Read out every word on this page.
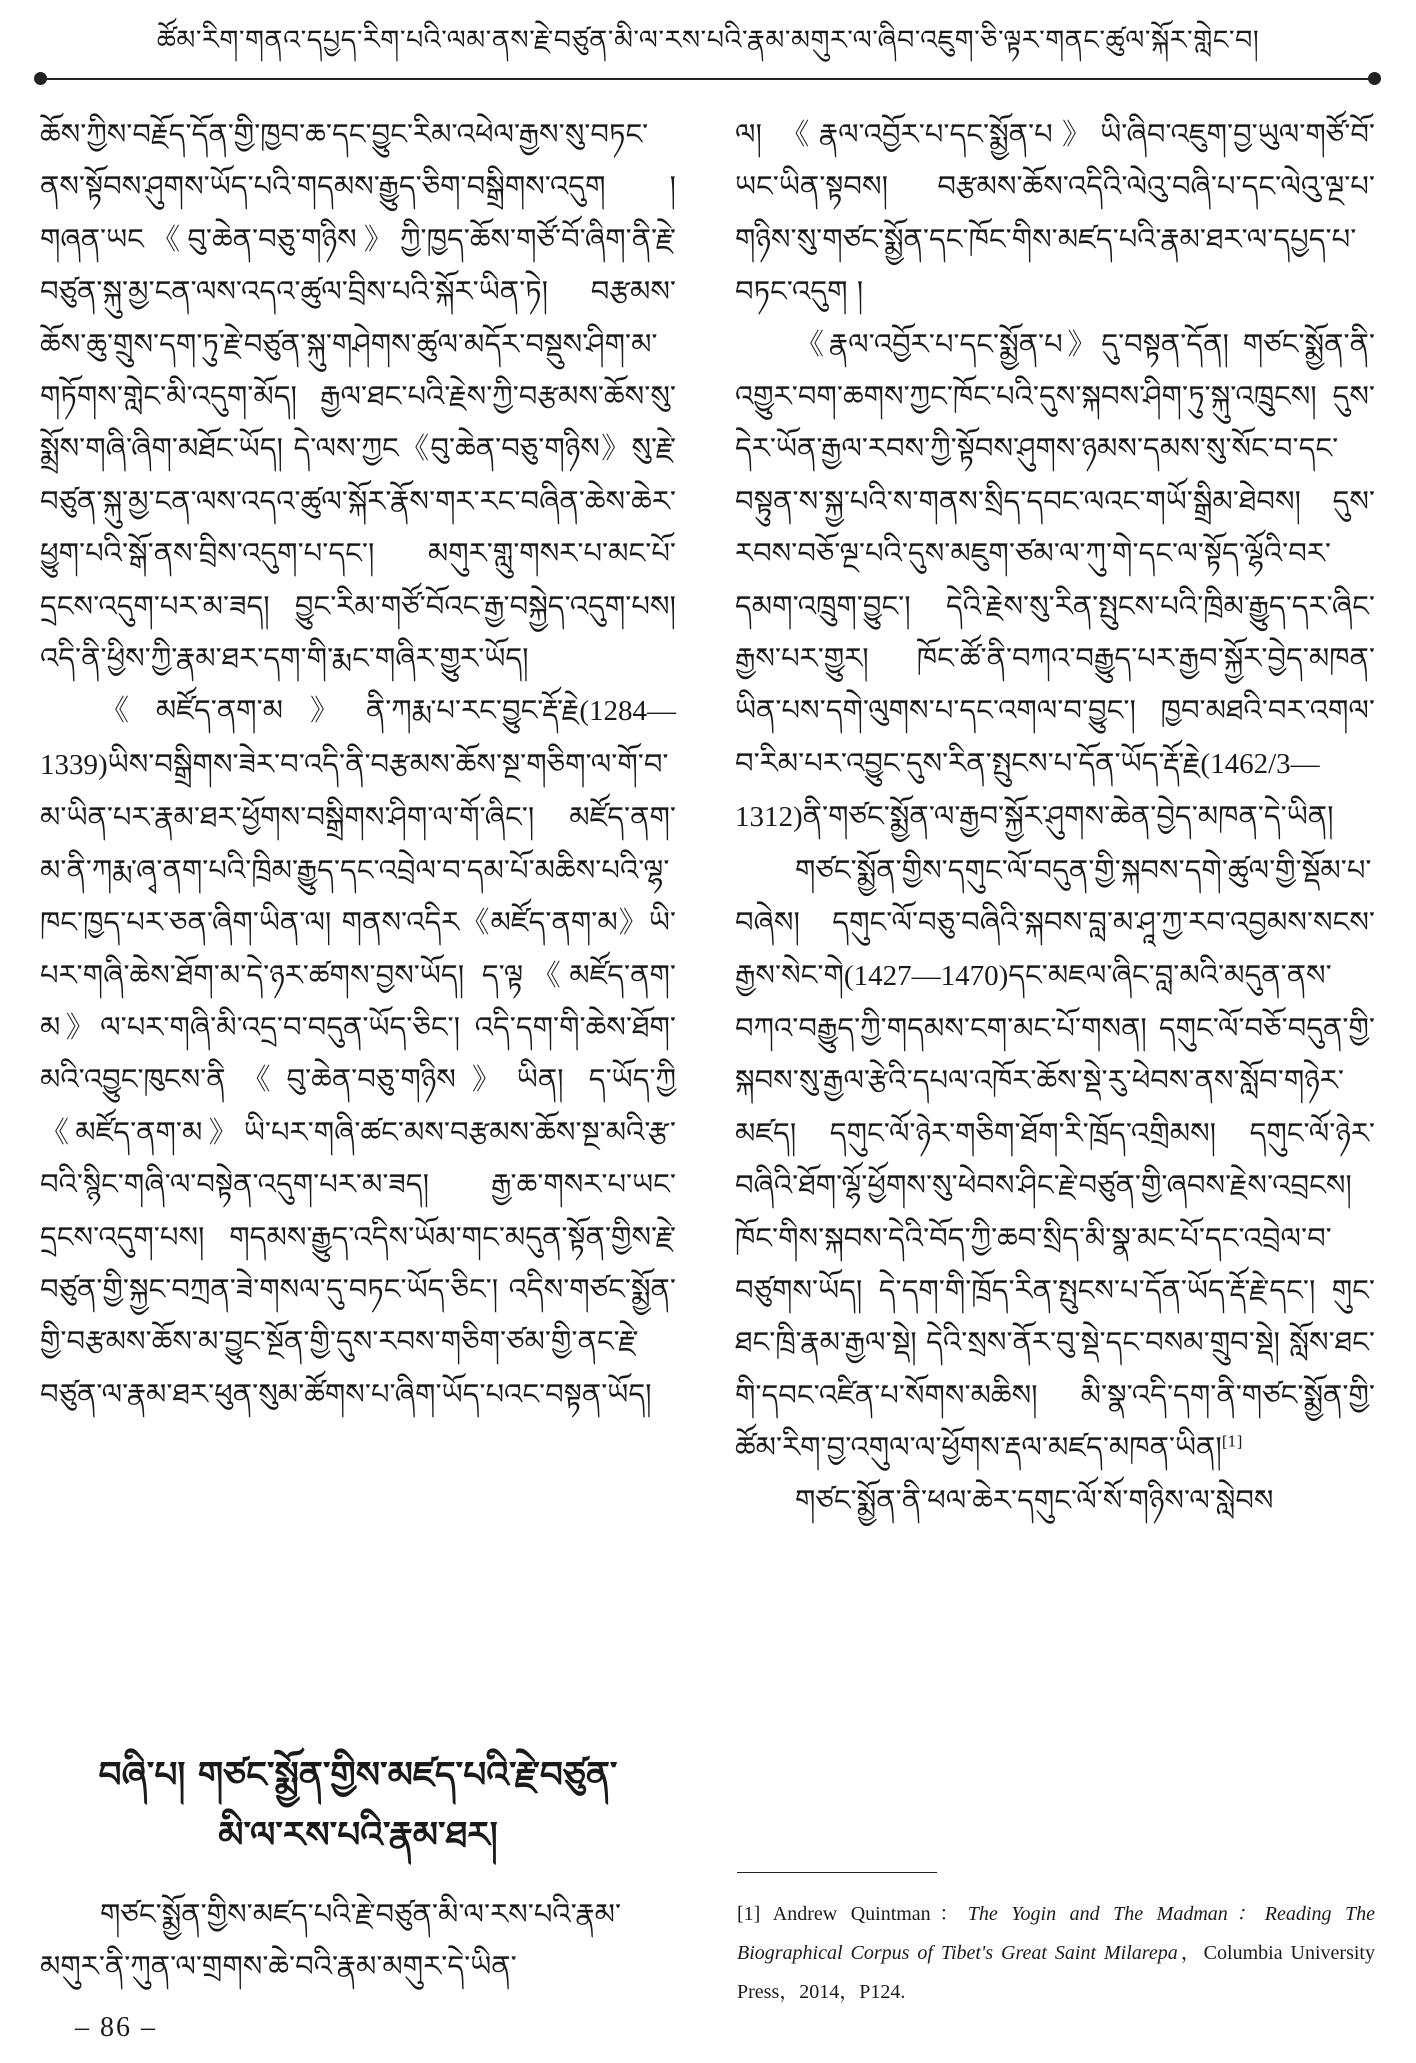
ཚོམ་རིག་གནའ་དཔྱད་རིག་པའི་ལམ་ནས་རྗེ་བཙུན་མི་ལ་རས་པའི་རྣམ་མགུར་ལ་ཞིབ་འཇུག་ཅི་ལྟར་གནང་ཚུལ་སྐོར་གླེང་བ།

ཆོས་ཀྱིས་བརྗོད་དོན་གྱི་ཁྱབ་ཆ་དང་བྱུང་རིམ་འཕེལ་རྒྱས་སུ་བཏང་ནས་སྟོབས་ཤུགས་ཡོད་པའི་གདམས་རྒྱུད་ཅིག་བསྒྲིགས་འདུག །གཞན་ཡང《བུ་ཆེན་བཅུ་གཉིས》ཀྱི་ཁྱད་ཆོས་གཙོ་བོ་ཞིག་ནི་རྗེ་བཙུན་སྐུ་མྱ་ངན་ལས་འདའ་ཚུལ་བྲིས་པའི་སྐོར་ཡིན་ཏེ། བརྩམས་ཆོས་ཆུ་གྲུས་དག་ཏུ་རྗེ་བཙུན་སྐུ་གཤེགས་ཚུལ་མདོར་བསྡུས་ཤིག་མ་གཏོགས་གླེང་མི་འདུག་མོད། རྒྱལ་ཐང་པའི་རྗེས་ཀྱི་བརྩམས་ཆོས་སུ་སྨྲོས་གཞི་ཞིག་མཐོང་ཡོད། དེ་ལས་ཀྱང《བུ་ཆེན་བཅུ་གཉིས》སུ་རྗེ་བཙུན་སྐུ་མྱ་ངན་ལས་འདའ་ཚུལ་སྐོར་རྣོས་གར་རང་བཞིན་ཆེས་ཆེར་ཕྱུག་པའི་སྒོ་ནས་བྲིས་འདུག་པ་དང་། མགུར་གླུ་གསར་པ་མང་པོ་དྲངས་འདུག་པར་མ་ཟད། བྱུང་རིམ་གཙོ་བོའང་རྒྱ་བསྐྱེད་འདུག་པས། འདི་ནི་ཕྱིས་ཀྱི་རྣམ་ཐར་དག་གི་རྨང་གཞིར་གྱུར་ཡོད།

《མཛོད་ནག་མ》ནི་ཀརྨ་པ་རང་བྱུང་རྡོ་རྗེ(1284—1339)ཡིས་བསྒྲིགས་ཟེར་བ་འདི་ནི་བརྩམས་ཆོས་སྔ་གཅིག་ལ་གོ་བ་མ་ཡིན་པར་རྣམ་ཐར་ཕྱོགས་བསྒྲིགས་ཤིག་ལ་གོ་ཞིང་། མཛོད་ནག་མ་ནི་ཀརྨ་ཞྭ་ནག་པའི་ཁྲིམ་རྒྱུད་དང་འབྲེལ་བ་དམ་པོ་མཆིས་པའི་ལྷ་ཁང་ཁྱད་པར་ཅན་ཞིག་ཡིན་ལ། གནས་འདིར《མཛོད་ནག་མ》ཡི་པར་གཞི་ཆེས་ཐོག་མ་དེ་ཉར་ཚགས་བྱས་ཡོད། ད་ལྟ《མཛོད་ནག་མ》ལ་པར་གཞི་མི་འདྲ་བ་བདུན་ཡོད་ཅིང་། འདི་དག་གི་ཆེས་ཐོག་མའི་འབྱུང་ཁུངས་ནི《བུ་ཆེན་བཅུ་གཉིས》ཡིན། ད་ཡོད་ཀྱི《མཛོད་ནག་མ》ཡི་པར་གཞི་ཚང་མས་བརྩམས་ཆོས་སྔ་མའི་རྩ་བའི་སྙིང་གཞི་ལ་བསྟེན་འདུག་པར་མ་ཟད། རྒྱ་ཆ་གསར་པ་ཡང་དྲངས་འདུག་པས། གདམས་རྒྱུད་འདིས་ཡོམ་གང་མདུན་སྟོན་གྱིས་རྗེ་བཙུན་གྱི་སྐྱང་བཀྲན་ཟེ་གསལ་དུ་བཏང་ཡོད་ཅིང་། འདིས་གཙང་སྨྱོན་གྱི་བརྩམས་ཆོས་མ་བྱུང་སྔོན་གྱི་དུས་རབས་གཅིག་ཙམ་གྱི་ནང་རྗེ་བཙུན་ལ་རྣམ་ཐར་ཕུན་སུམ་ཚོགས་པ་ཞིག་ཡོད་པའང་བསྟན་ཡོད།

བཞི་པ། གཙང་སྨྱོན་གྱིས་མཛད་པའི་རྗེ་བཙུན་
མི་ལ་རས་པའི་རྣམ་ཐར།

གཙང་སྨྱོན་གྱིས་མཛད་པའི་རྗེ་བཙུན་མི་ལ་རས་པའི་རྣམ་མགུར་ནི་ཀུན་ལ་གྲགས་ཆེ་བའི་རྣམ་མགུར་དེ་ཡིན་

ལ། 《རྣལ་འབྱོར་པ་དང་སྨྱོན་པ》ཡི་ཞིབ་འཇུག་བྱ་ཡུལ་གཙོ་བོ་ཡང་ཡིན་སྟབས། བརྩམས་ཆོས་འདིའི་ལེའུ་བཞི་པ་དང་ལེའུ་ལྔ་པ་གཉིས་སུ་གཙང་སྨྱོན་དང་ཁོང་གིས་མཛད་པའི་རྣམ་ཐར་ལ་དཔྱད་པ་བཏང་འདུག །

《རྣལ་འབྱོར་པ་དང་སྨྱོན་པ》དུ་བསྟན་དོན། གཙང་སྨྱོན་ནི་འགྱུར་བག་ཆགས་ཀྱང་ཁོང་པའི་དུས་སྐབས་ཤིག་ཏུ་སྐུ་འཁྲུངས། དུས་དེར་ཡོན་རྒྱལ་རབས་ཀྱི་སྟོབས་ཤུགས་ཉམས་དམས་སུ་སོང་བ་དང་བསྟུན་ས་སྐྱ་པའི་ས་གནས་སྲིད་དབང་ལའང་གཡོ་སྒྲིམ་ཐེབས། དུས་རབས་བཅོ་ལྔ་པའི་དུས་མཇུག་ཙམ་ལ་ཀུ་གེ་དང་ལ་སྟོད་ལྷོའི་བར་དམག་འཁྲུག་བྱུང་། དེའི་རྗེས་སུ་རིན་སྤུངས་པའི་ཁྲིམ་རྒྱུད་དར་ཞིང་རྒྱས་པར་གྱུར། ཁོང་ཚོ་ནི་བཀའ་བརྒྱུད་པར་རྒྱབ་སྐྱོར་བྱེད་མཁན་ཡིན་པས་དགེ་ལུགས་པ་དང་འགལ་བ་བྱུང་། ཁྱབ་མཐའི་བར་འགལ་བ་རིམ་པར་འབྱུང་དུས་རིན་སྤུངས་པ་དོན་ཡོད་རྡོ་རྗེ(1462/3—1312)ནི་གཙང་སྨྱོན་ལ་རྒྱབ་སྐྱོར་ཤུགས་ཆེན་བྱེད་མཁན་དེ་ཡིན།

གཙང་སྨྱོན་གྱིས་དགུང་ལོ་བདུན་གྱི་སྐབས་དགེ་ཚུལ་གྱི་སྡོམ་པ་བཞེས། དགུང་ལོ་བཅུ་བཞིའི་སྐབས་བླ་མ་ཤཱ་ཀྱ་རབ་འབྱམས་སངས་རྒྱས་སེང་གེ(1427—1470)དང་མཇལ་ཞིང་བླ་མའི་མདུན་ནས་བཀའ་བརྒྱུད་ཀྱི་གདམས་ངག་མང་པོ་གསན། དགུང་ལོ་བཅོ་བདུན་གྱི་སྐབས་སུ་རྒྱལ་རྩེའི་དཔལ་འཁོར་ཆོས་སྡེ་རུ་ཕེབས་ནས་སློབ་གཉེར་མཛད། དགུང་ལོ་ཉེར་གཅིག་ཐོག་རི་ཁྲོད་འགྲིམས། དགུང་ལོ་ཉེར་བཞིའི་ཐོག་ལྷོ་ཕྱོགས་སུ་ཕེབས་ཤིང་རྗེ་བཙུན་གྱི་ཞབས་རྗེས་འབྲངས། ཁོང་གིས་སྐབས་དེའི་བོད་ཀྱི་ཆབ་སྲིད་མི་སྣ་མང་པོ་དང་འབྲེལ་བ་བཙུགས་ཡོད། དེ་དག་གི་ཁྲོད་རིན་སྤུངས་པ་དོན་ཡོད་རྡོ་རྗེ་དང་། གུང་ཐང་ཁྲི་རྣམ་རྒྱལ་སྡེ། དེའི་སྲས་ནོར་བུ་སྡེ་དང་བསམ་གྲུབ་སྡེ། སློས་ཐང་གི་དབང་འཛིན་པ་སོགས་མཆིས། མི་སྣ་འདི་དག་ནི་གཙང་སྨྱོན་གྱི་ཚོམ་རིག་བྱ་འགུལ་ལ་ཕྱོགས་རྡལ་མཛད་མཁན་ཡིན།[1]

གཙང་སྨྱོན་ནི་ཕལ་ཆེར་དགུང་ལོ་སོ་གཉིས་ལ་སླེབས

[1] Andrew Quintman：The Yogin and The Madman：Reading The Biographical Corpus of Tibet's Great Saint Milarepa，Columbia University Press，2014，P124.
– 86 –
